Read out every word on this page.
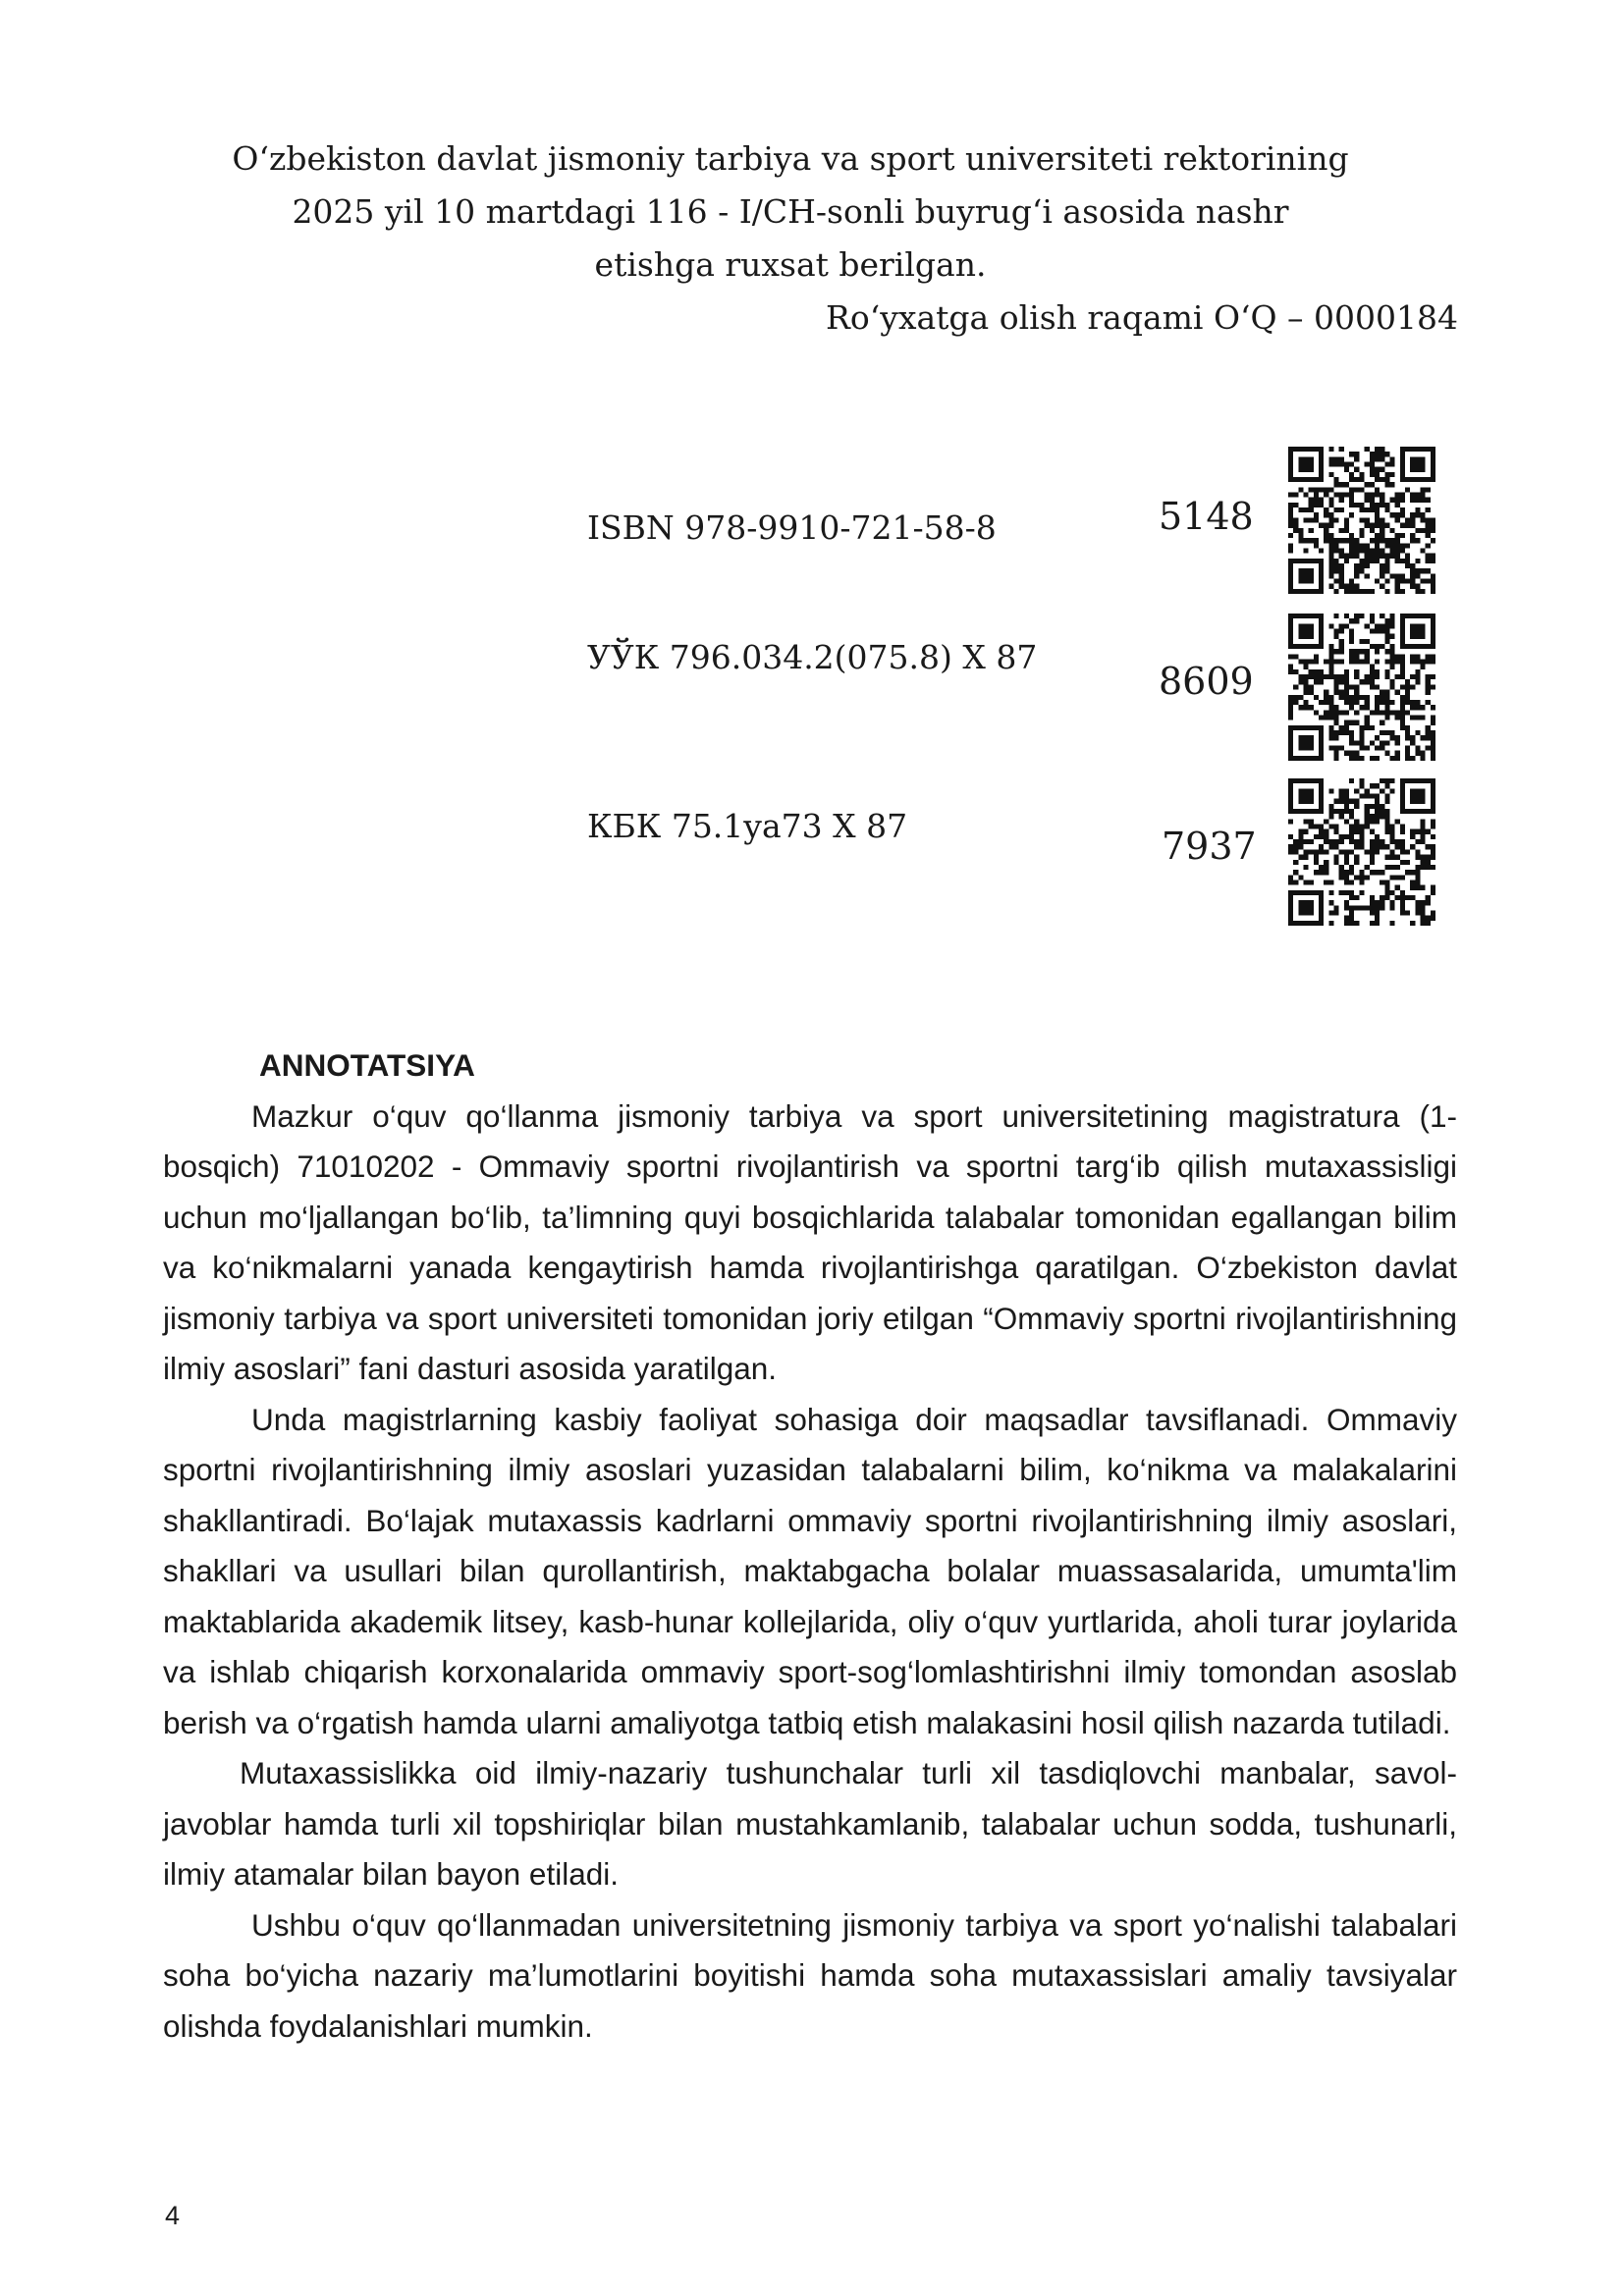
O‘zbekiston davlat jismoniy tarbiya va sport universiteti rektorining
2025 yil 10 martdagi 116 - I/CH-sonli buyrug‘i asosida nashr
etishga ruxsat berilgan.
Ro‘yxatga olish raqami O‘Q – 0000184
ISBN 978-9910-721-58-8	5148
УЎК 796.034.2(075.8) Х 87
8609
КБК 75.1ya73 Х 87	7937
ANNOTATSIYA

Mazkur o‘quv qo‘llanma jismoniy tarbiya va sport universitetining magistratura (1-bosqich) 71010202 - Ommaviy sportni rivojlantirish va sportni targ‘ib qilish mutaxassisligi uchun mo‘ljallangan bo‘lib, ta’limning quyi bosqichlarida talabalar tomonidan egallangan bilim va ko‘nikmalarni yanada kengaytirish hamda rivojlantirishga qaratilgan. O‘zbekiston davlat jismoniy tarbiya va sport universiteti tomonidan joriy etilgan “Ommaviy sportni rivojlantirishning ilmiy asoslari” fani dasturi asosida yaratilgan.

Unda magistrlarning kasbiy faoliyat sohasiga doir maqsadlar tavsiflanadi. Ommaviy sportni rivojlantirishning ilmiy asoslari yuzasidan talabalarni bilim, ko‘nikma va malakalarini shakllantiradi. Bo‘lajak mutaxassis kadrlarni ommaviy sportni rivojlantirishning ilmiy asoslari, shakllari va usullari bilan qurollantirish, maktabgacha bolalar muassasalarida, umumta'lim maktablarida akademik litsey, kasb-hunar kollejlarida, oliy o‘quv yurtlarida, aholi turar joylarida va ishlab chiqarish korxonalarida ommaviy sport-sog‘lomlashtirishni ilmiy tomondan asoslab berish va o‘rgatish hamda ularni amaliyotga tatbiq etish malakasini hosil qilish nazarda tutiladi.

Mutaxassislikka oid ilmiy-nazariy tushunchalar turli xil tasdiqlovchi manbalar, savol-javoblar hamda turli xil topshiriqlar bilan mustahkamlanib, talabalar uchun sodda, tushunarli, ilmiy atamalar bilan bayon etiladi.

Ushbu o‘quv qo‘llanmadan universitetning jismoniy tarbiya va sport yo‘nalishi talabalari soha bo‘yicha nazariy ma’lumotlarini boyitishi hamda soha mutaxassislari amaliy tavsiyalar olishda foydalanishlari mumkin.

4
